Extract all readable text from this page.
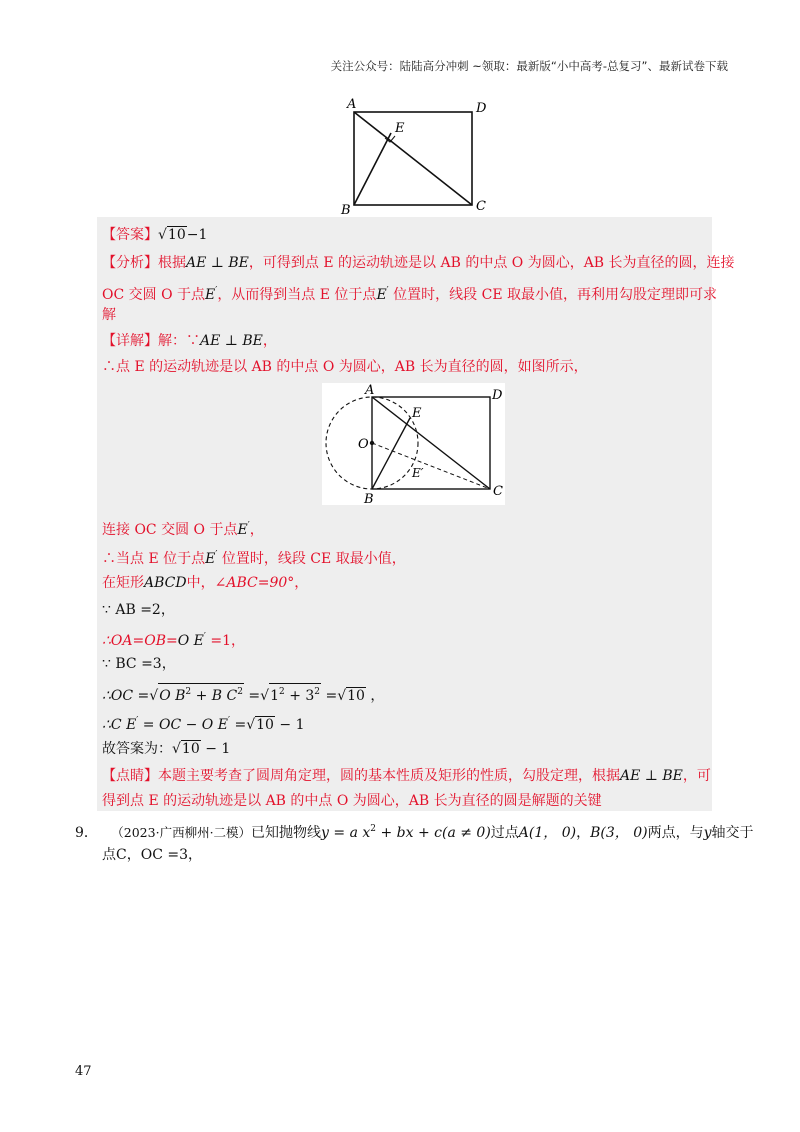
关注公众号：陆陆高分冲刺 ~领取：最新版“小中高考-总复习”、最新试卷下载
A	D
E
B	C
【答案】√10−1
【分析】根据AE ⊥ BE，可得到点 E 的运动轨迹是以 AB 的中点 O 为圆心，AB 长为直径的圆，连接
OC 交圆 O 于点E′，从而得到当点 E 位于点E′ 位置时，线段 CE 取最小值，再利用勾股定理即可求
解
【详解】解：∵AE ⊥ BE，
∴点 E 的运动轨迹是以 AB 的中点 O 为圆心，AB 长为直径的圆，如图所示，
A	D
E
O
E′
B
C
连接 OC 交圆 O 于点E′，
∴当点 E 位于点E′ 位置时，线段 CE 取最小值，
在矩形ABCD中，∠ABC=90°，
∵ AB =2，
∴OA=OB=O E′ =1，
∵ BC =3，
∴OC =√O $B^2 + B$ $C^2 =√1^2 + 3^2 =√10$ ，
∴C E′ = OC − O E′ =√10 − 1
故答案为：√10 − 1
【点睛】本题主要考查了圆周角定理，圆的基本性质及矩形的性质，勾股定理，根据AE ⊥ BE，可
得到点 E 的运动轨迹是以 AB 的中点 O 为圆心，AB 长为直径的圆是解题的关键
9． （2023·广西柳州·二模）已知抛物线y = a $x^2$ + bx + c(a ≠ 0)过点A(1， 0)，B(3， 0)两点，与y轴交于
点C，OC =3，
47
